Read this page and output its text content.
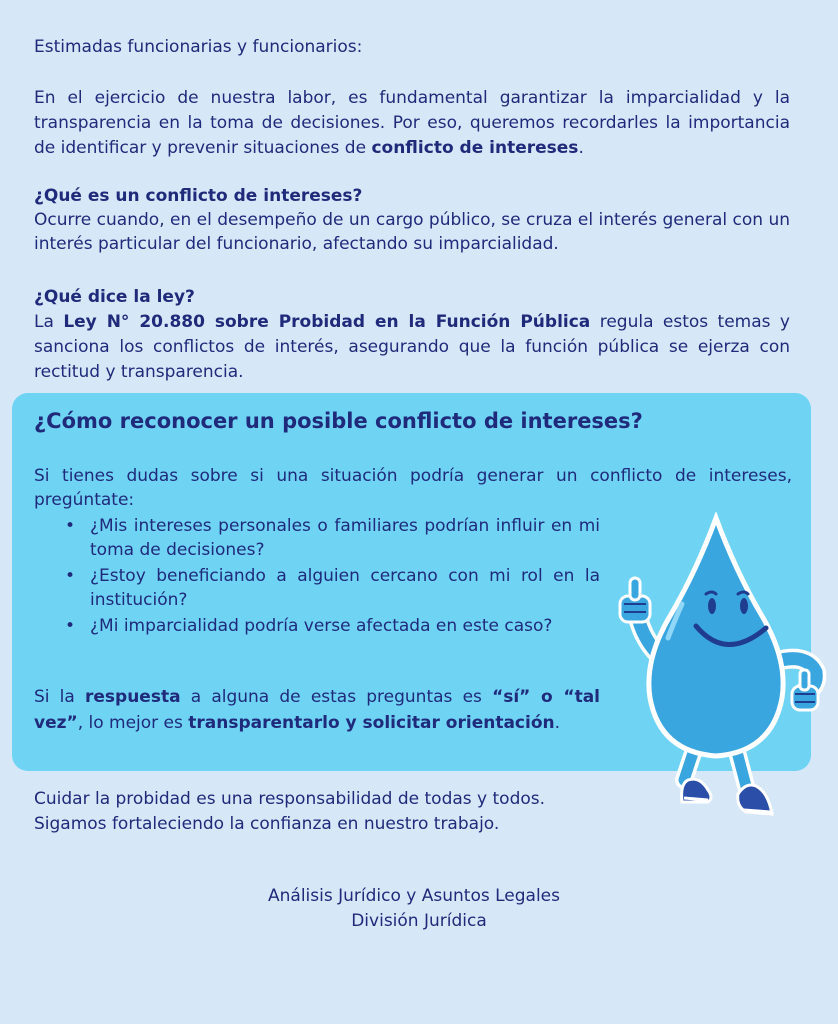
Estimadas funcionarias y funcionarios:

En el ejercicio de nuestra labor, es fundamental garantizar la imparcialidad y la transparencia en la toma de decisiones. Por eso, queremos recordarles la importancia de identificar y prevenir situaciones de conflicto de intereses.

¿Qué es un conflicto de intereses?
Ocurre cuando, en el desempeño de un cargo público, se cruza el interés general con un interés particular del funcionario, afectando su imparcialidad.
¿Qué dice la ley?
La Ley N° 20.880 sobre Probidad en la Función Pública regula estos temas y sanciona los conflictos de interés, asegurando que la función pública se ejerza con rectitud y transparencia.
¿Cómo reconocer un posible conflicto de intereses?

Si tienes dudas sobre si una situación podría generar un conflicto de intereses, pregúntate:

• ¿Mis intereses personales o familiares podrían influir en mi toma de decisiones?
• ¿Estoy beneficiando a alguien cercano con mi rol en la institución?
• ¿Mi imparcialidad podría verse afectada en este caso?

Si la respuesta a alguna de estas preguntas es “sí” o “tal vez”, lo mejor es transparentarlo y solicitar orientación.

Cuidar la probidad es una responsabilidad de todas y todos.
Sigamos fortaleciendo la confianza en nuestro trabajo.
Análisis Jurídico y Asuntos Legales
División Jurídica
